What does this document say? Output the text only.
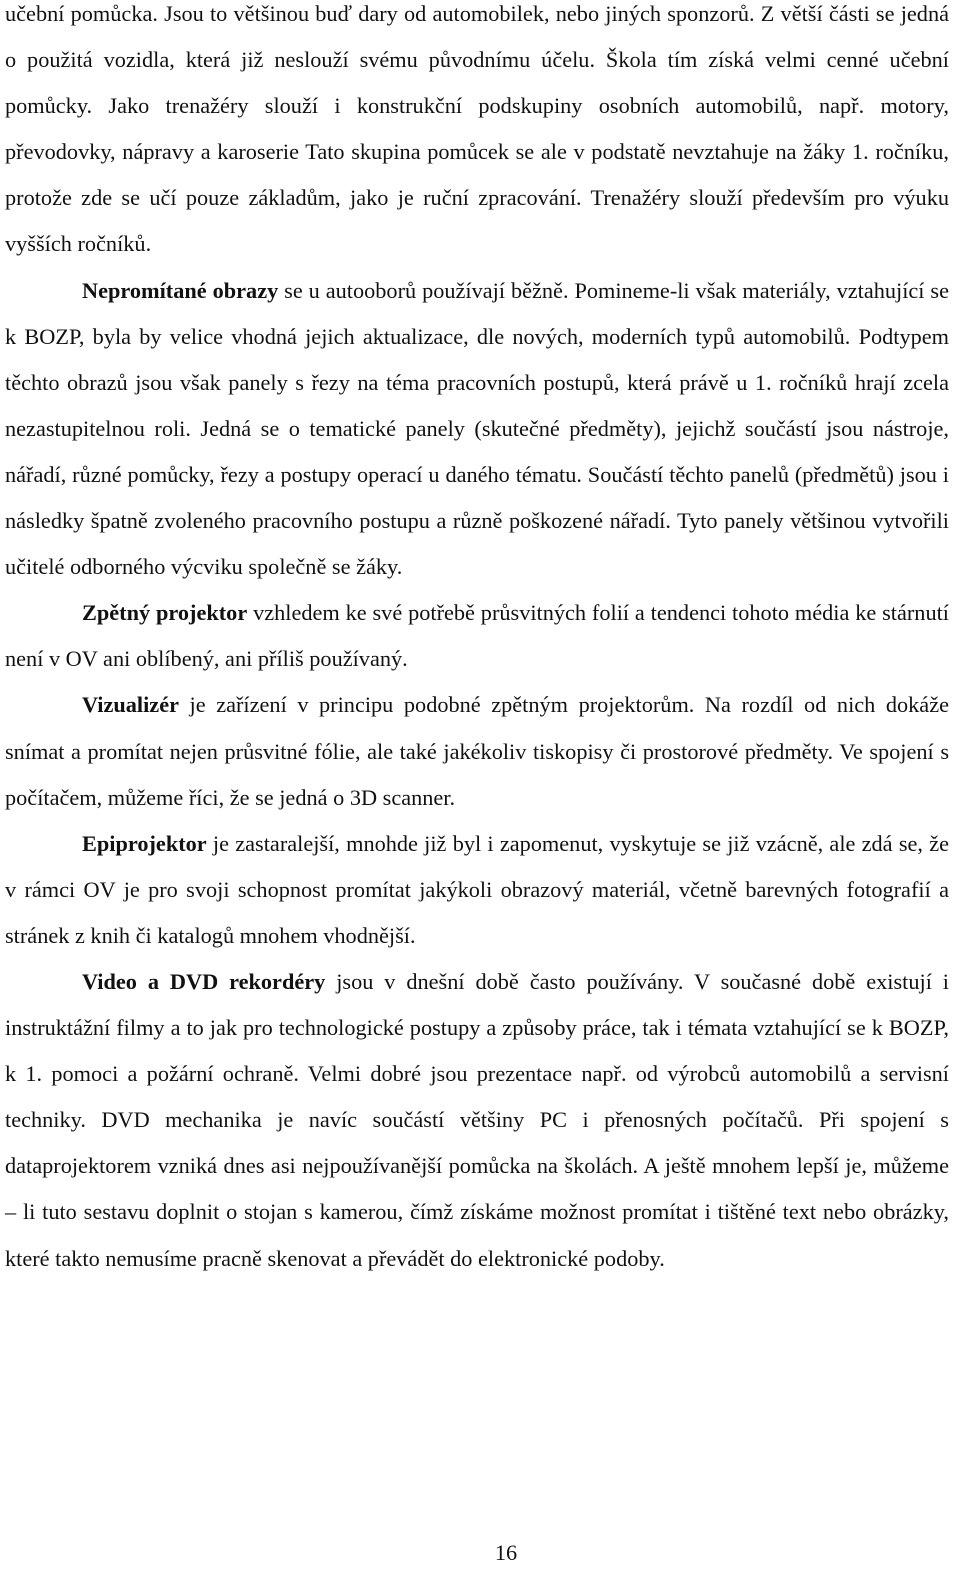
učební pomůcka. Jsou to většinou buď dary od automobilek, nebo jiných sponzorů. Z větší části se jedná o použitá vozidla, která již neslouží svému původnímu účelu. Škola tím získá velmi cenné učební pomůcky. Jako trenažéry slouží i konstrukční podskupiny osobních automobilů, např. motory, převodovky, nápravy a karoserie Tato skupina pomůcek se ale v podstatě nevztahuje na žáky 1. ročníku, protože zde se učí pouze základům, jako je ruční zpracování. Trenažéry slouží především pro výuku vyšších ročníků.

Nepromítané obrazy se u autooborů používají běžně. Pomineme-li však materiály, vztahující se k BOZP, byla by velice vhodná jejich aktualizace, dle nových, moderních typů automobilů. Podtypem těchto obrazů jsou však panely s řezy na téma pracovních postupů, která právě u 1. ročníků hrají zcela nezastupitelnou roli. Jedná se o tematické panely (skutečné předměty), jejichž součástí jsou nástroje, nářadí, různé pomůcky, řezy a postupy operací u daného tématu. Součástí těchto panelů (předmětů) jsou i následky špatně zvoleného pracovního postupu a různě poškozené nářadí. Tyto panely většinou vytvořili učitelé odborného výcviku společně se žáky.

Zpětný projektor vzhledem ke své potřebě průsvitných folií a tendenci tohoto média ke stárnutí není v OV ani oblíbený, ani příliš používaný.

Vizualizér je zařízení v principu podobné zpětným projektorům. Na rozdíl od nich dokáže snímat a promítat nejen průsvitné fólie, ale také jakékoliv tiskopisy či prostorové předměty. Ve spojení s počítačem, můžeme říci, že se jedná o 3D scanner.

Epiprojektor je zastaralejší, mnohde již byl i zapomenut, vyskytuje se již vzácně, ale zdá se, že v rámci OV je pro svoji schopnost promítat jakýkoli obrazový materiál, včetně barevných fotografií a stránek z knih či katalogů mnohem vhodnější.

Video a DVD rekordéry jsou v dnešní době často používány. V současné době existují i instruktážní filmy a to jak pro technologické postupy a způsoby práce, tak i témata vztahující se k BOZP, k 1. pomoci a požární ochraně. Velmi dobré jsou prezentace např. od výrobců automobilů a servisní techniky. DVD mechanika je navíc součástí většiny PC i přenosných počítačů. Při spojení s dataprojektorem vzniká dnes asi nejpoužívanější pomůcka na školách. A ještě mnohem lepší je, můžeme – li tuto sestavu doplnit o stojan s kamerou, čímž získáme možnost promítat i tištěné text nebo obrázky, které takto nemusíme pracně skenovat a převádět do elektronické podoby.

16
